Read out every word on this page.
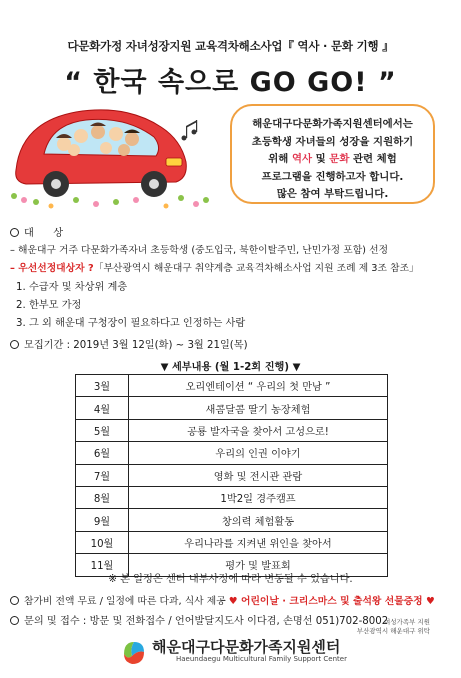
다문화가정 자녀성장지원 교육격차해소사업『 역사 · 문화 기행 』
“ 한국 속으로 GO GO! ”
해운대구다문화가족지원센터에서는
초등학생 자녀들의 성장을 지원하기
위해 역사 및 문화 관련 체험
프로그램을 진행하고자 합니다.
많은 참여 부탁드립니다.
대      상
– 해운대구 거주 다문화가족자녀 초등학생 (중도입국, 북한이탈주민, 난민가정 포함) 선정
– 우선선정대상자 ?「부산광역시 해운대구 취약계층 교육격차해소사업 지원 조례 제 3조 참조」
1. 수급자 및 차상위 계층
2. 한부모 가정
3. 그 외 해운대 구청장이 필요하다고 인정하는 사람
모집기간 : 2019년 3월 12일(화) ~ 3월 21일(목)
▼ 세부내용 (월 1-2회 진행) ▼
3월	오리엔테이션 “ 우리의 첫 만남 ”
4월	새콤달콤 딸기 농장체험
5월	공룡 발자국을 찾아서 고성으로!
6월	우리의 인권 이야기
7월	영화 및 전시관 관람
8월	1박2일 경주캠프
9월	창의력 체험활동
10월	우리나라를 지켜낸 위인을 찾아서
11월	평가 및 발표회
※ 본 일정은 센터 내부사정에 따라 변동될 수 있습니다.
참가비 전액 무료 / 일정에 따른 다과, 식사 제공 ♥ 어린이날 · 크리스마스 및 출석왕 선물증정 ♥
문의 및 접수 : 방문 및 전화접수 / 언어발달지도사 이다겸, 손명선 051)702-8002
여성가족부 지원
부산광역시 해운대구 위탁
해운대구다문화가족지원센터
Haeundaegu Multicultural Family Support Center
